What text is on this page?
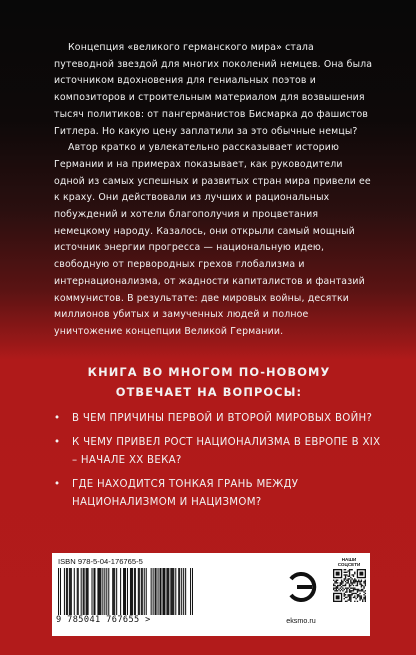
Концепция «великого германского мира» стала путеводной звездой для многих поколений немцев. Она была источником вдохновения для гениальных поэтов и композиторов и строительным материалом для возвышения тысяч политиков: от пангерманистов Бисмарка до фашистов Гитлера. Но какую цену заплатили за это обычные немцы?

Автор кратко и увлекательно рассказывает историю Германии и на примерах показывает, как руководители одной из самых успешных и развитых стран мира привели ее к краху. Они действовали из лучших и рациональных побуждений и хотели благополучия и процветания немецкому народу. Казалось, они открыли самый мощный источник энергии прогресса — национальную идею, свободную от первородных грехов глобализма и интернационализма, от жадности капиталистов и фантазий коммунистов. В результате: две мировых войны, десятки миллионов убитых и замученных людей и полное уничтожение концепции Великой Германии.

КНИГА ВО МНОГОМ ПО-НОВОМУ ОТВЕЧАЕТ НА ВОПРОСЫ:
• В ЧЕМ ПРИЧИНЫ ПЕРВОЙ И ВТОРОЙ МИРОВЫХ ВОЙН?
• К ЧЕМУ ПРИВЕЛ РОСТ НАЦИОНАЛИЗМА В ЕВРОПЕ В XIX – НАЧАЛЕ XX ВЕКА?
• ГДЕ НАХОДИТСЯ ТОНКАЯ ГРАНЬ МЕЖДУ НАЦИОНАЛИЗМОМ И НАЦИЗМОМ?
ISBN 978-5-04-176765-5
9 785041 767655 >	eksmo.ru
НАШИ СОЦСЕТИ
